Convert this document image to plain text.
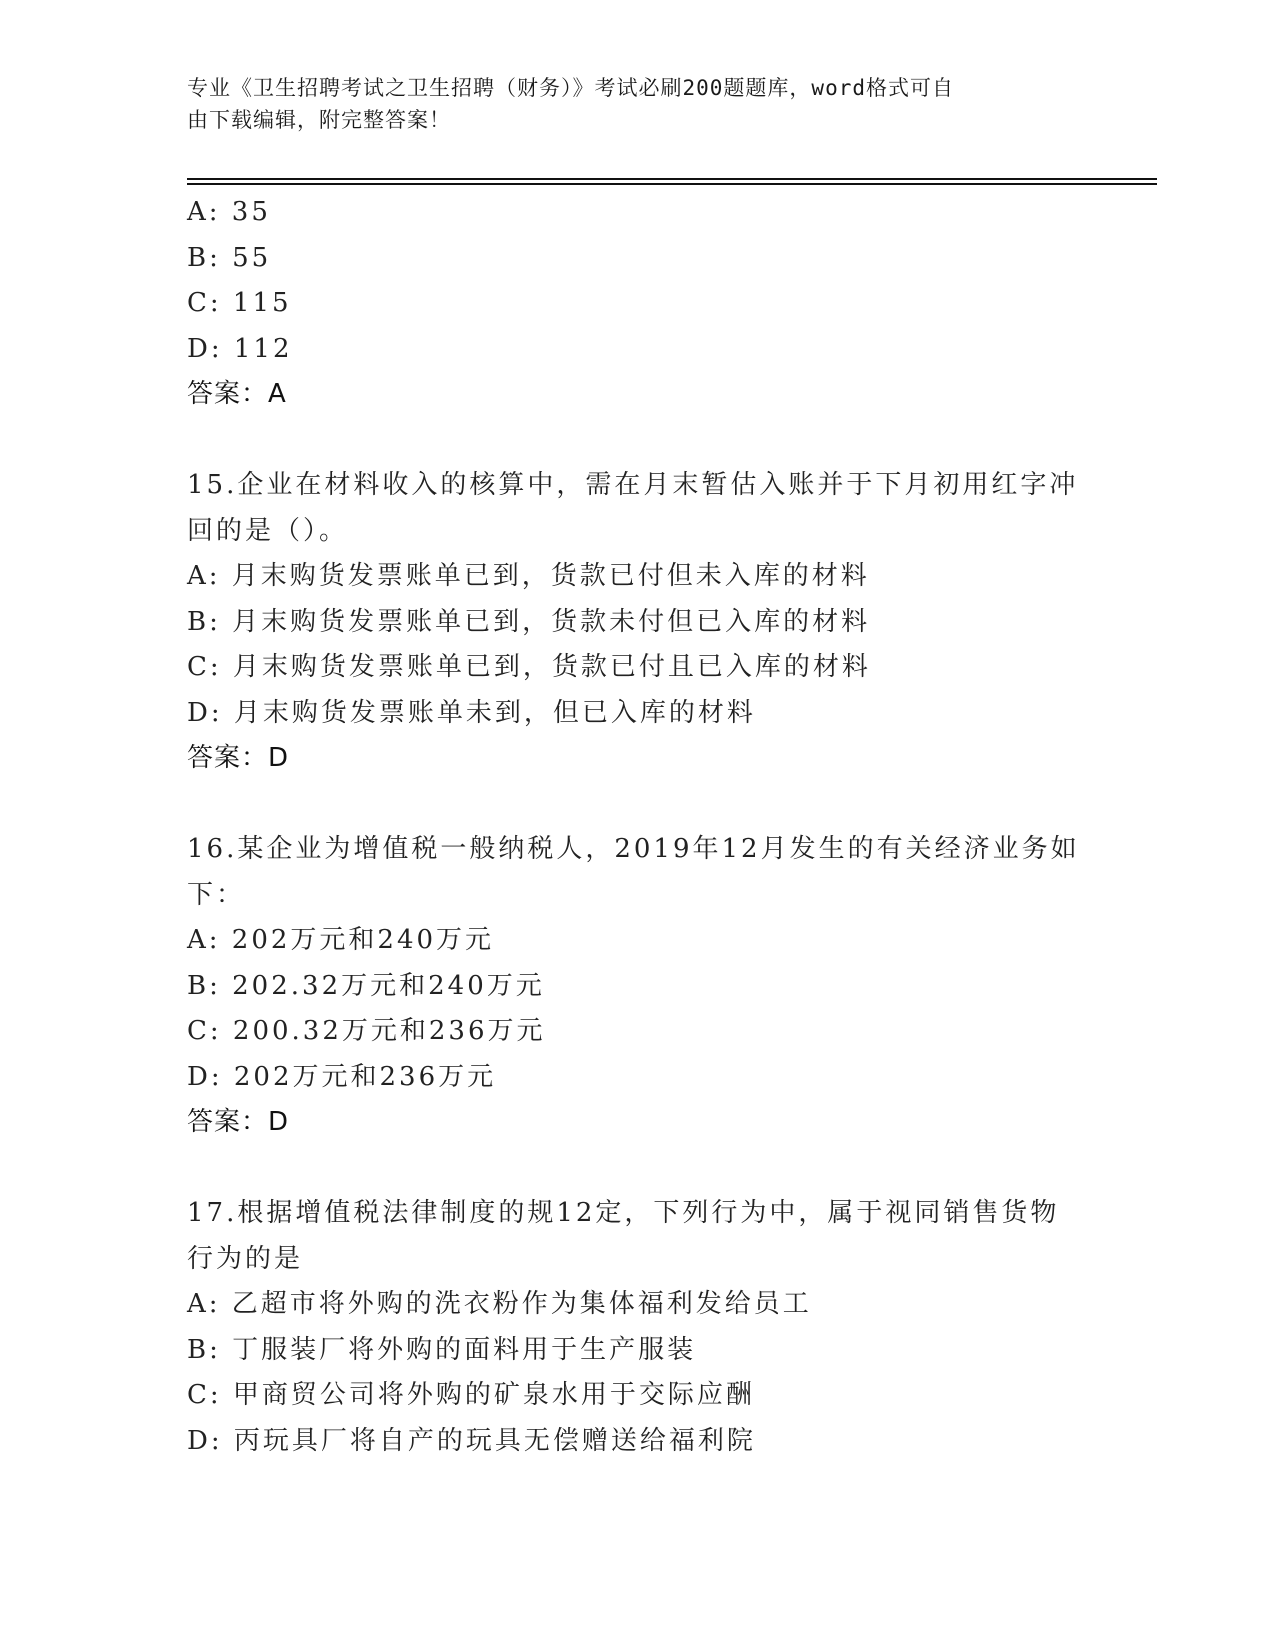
专业《卫生招聘考试之卫生招聘（财务）》考试必刷200题题库，word格式可自
由下载编辑，附完整答案！
A: 35
B: 55
C: 115
D: 112
答案：A
15.企业在材料收入的核算中，需在月末暂估入账并于下月初用红字冲
回的是（）。
A: 月末购货发票账单已到，货款已付但未入库的材料
B: 月末购货发票账单已到，货款未付但已入库的材料
C: 月末购货发票账单已到，货款已付且已入库的材料
D: 月末购货发票账单未到，但已入库的材料
答案：D
16.某企业为增值税一般纳税人，2019年12月发生的有关经济业务如
下：
A: 202万元和240万元
B: 202.32万元和240万元
C: 200.32万元和236万元
D: 202万元和236万元
答案：D
17.根据增值税法律制度的规12定，下列行为中，属于视同销售货物
行为的是
A: 乙超市将外购的洗衣粉作为集体福利发给员工
B: 丁服装厂将外购的面料用于生产服装
C: 甲商贸公司将外购的矿泉水用于交际应酬
D: 丙玩具厂将自产的玩具无偿赠送给福利院
